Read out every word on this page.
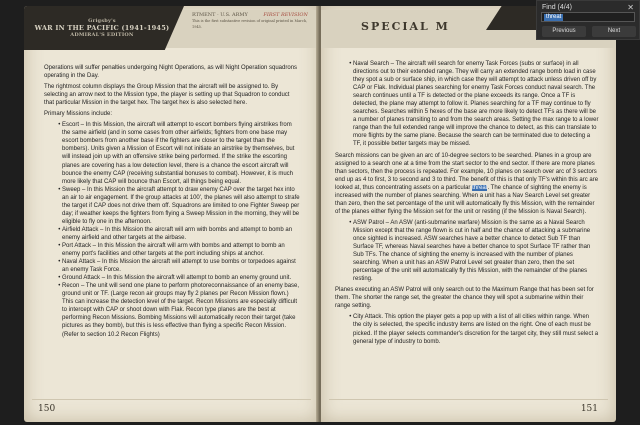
Grigsby's
WAR IN THE PACIFIC (1941-1945)
ADMIRAL'S EDITION
RTMENT · U.S. ARMY	FIRST REVISION
This is the first substantive revision of original printed in March, 1945.

Operations will suffer penalties undergoing Night Operations, as will Night Operation squadrons operating in the Day.

The rightmost column displays the Group Mission that the aircraft will be assigned to. By selecting an arrow next to the Mission type, the player is setting up that Squadron to conduct that particular Mission in the target hex. The target hex is also selected here.

Primary Missions include:

• Escort – In this Mission, the aircraft will attempt to escort bombers flying airstrikes from the same airfield (and in some cases from other airfields; fighters from one base may escort bombers from another base if the fighters are closer to the target than the bombers). Units given a Mission of Escort will not initiate an airstrike by themselves, but will instead join up with an offensive strike being performed. If the strike the escorting planes are covering has a low detection level, there is a chance the escort aircraft will bounce the enemy CAP (receiving substantial bonuses to combat). However, it is much more likely that CAP will bounce than Escort, all things being equal.
• Sweep – In this Mission the aircraft attempt to draw enemy CAP over the target hex into an air to air engagement. If the group attacks at 100', the planes will also attempt to strafe the target if CAP does not drive them off. Squadrons are limited to one Fighter Sweep per day; if weather keeps the fighters from flying a Sweep Mission in the morning, they will be eligible to fly one in the afternoon.
• Airfield Attack – In this Mission the aircraft will arm with bombs and attempt to bomb an enemy airfield and other targets at the airbase.
• Port Attack – In this Mission the aircraft will arm with bombs and attempt to bomb an enemy port's facilities and other targets at the port including ships at anchor.
• Naval Attack – In this Mission the aircraft will attempt to use bombs or torpedoes against an enemy Task Force.
• Ground Attack – In this Mission the aircraft will attempt to bomb an enemy ground unit.
• Recon – The unit will send one plane to perform photoreconnaissance of an enemy base, ground unit or TF. (Large recon air groups may fly 2 planes per Recon Mission flown.) This can increase the detection level of the target. Recon Missions are especially difficult to intercept with CAP or shoot down with Flak. Recon type planes are the best at performing Recon Missions. Bombing Missions will automatically recon their target (take pictures as they bomb), but this is less effective than flying a specific Recon Mission. (Refer to section 10.2 Recon Flights)
150
SPECIAL M
• Naval Search – The aircraft will search for enemy Task Forces (subs or surface) in all directions out to their extended range. They will carry an extended range bomb load in case they spot a sub or surface ship, in which case they will attempt to attack unless driven off by CAP or Flak. Individual planes searching for enemy Task Forces conduct naval search. The search continues until a TF is detected or the plane exceeds its range. Once a TF is detected, the plane may attempt to follow it. Planes searching for a TF may continue to fly searches. Searches within 5 hexes of the base are more likely to detect TFs as there will be a number of planes transiting to and from the search areas. Setting the max range to a lower range than the full extended range will improve the chance to detect, as this can translate to more flights by the same plane. Because the search can be terminated due to detecting a TF, it possible better targets may be missed.

Search missions can be given an arc of 10-degree sectors to be searched. Planes in a group are assigned to a search one at a time from the start sector to the end sector. If there are more planes than sectors, then the process is repeated. For example, 10 planes on search over arc of 3 sectors end up as 4 to first, 3 to second and 3 to third. The benefit of this is that only TF's within this arc are looked at, thus concentrating assets on a particular threat. The chance of sighting the enemy is increased with the number of planes searching. When a unit has a Nav Search Level set greater than zero, then the set percentage of the unit will automatically fly this Mission, with the remainder of the planes either flying the Mission set for the unit or resting (if the Mission is Naval Search).

• ASW Patrol – An ASW (anti-submarine warfare) Mission is the same as a Naval Search Mission except that the range flown is cut in half and the chance of attacking a submarine once sighted is increased. ASW searches have a better chance to detect Sub TF than Surface TF, whereas Naval searches have a better chance to spot Surface TF rather than Sub TFs. The chance of sighting the enemy is increased with the number of planes searching. When a unit has an ASW Patrol Level set greater than zero, then the set percentage of the unit will automatically fly this Mission, with the remainder of the planes resting.

Planes executing an ASW Patrol will only search out to the Maximum Range that has been set for them. The shorter the range set, the greater the chance they will spot a submarine within their range setting.

• City Attack. This option the player gets a pop up with a list of all cities within range. When the city is selected, the specific industry items are listed on the right. One of each must be picked. If the player selects commander's discretion for the target city, they still must select a general type of industry to bomb.
151
Find (4/4)	✕
threat
Previous	Next
